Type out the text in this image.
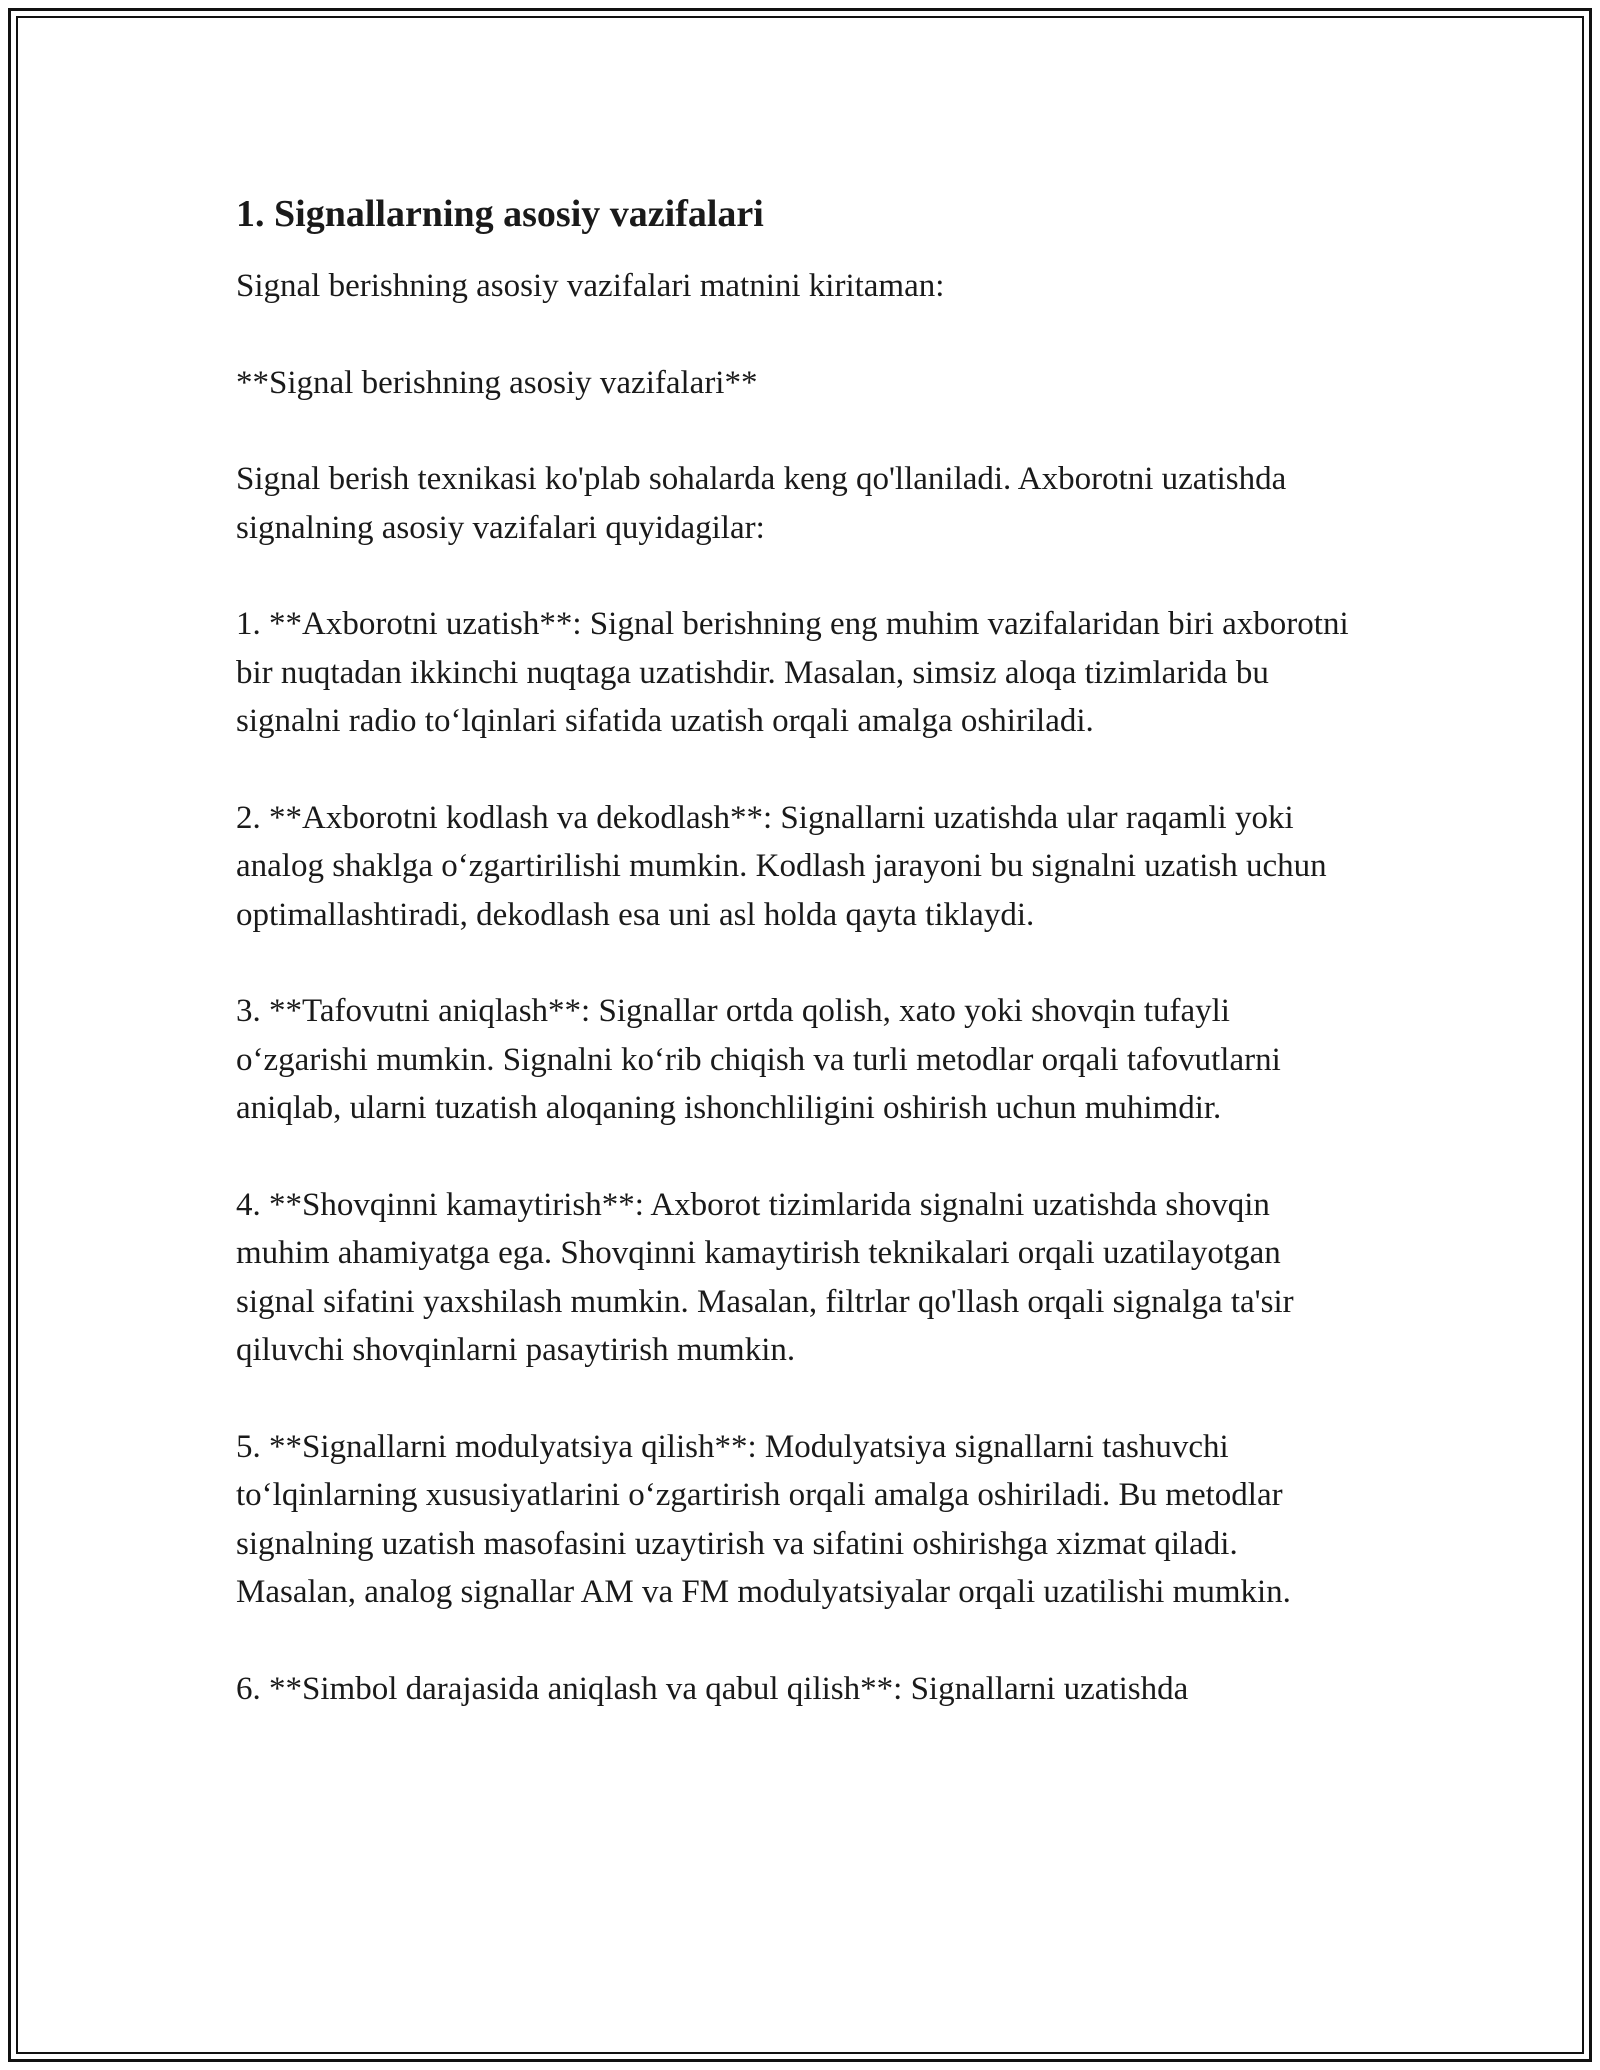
1. Signallarning asosiy vazifalari

Signal berishning asosiy vazifalari matnini kiritaman:

**Signal berishning asosiy vazifalari**

Signal berish texnikasi ko'plab sohalarda keng qo'llaniladi. Axborotni uzatishda signalning asosiy vazifalari quyidagilar:

1. **Axborotni uzatish**: Signal berishning eng muhim vazifalaridan biri axborotni bir nuqtadan ikkinchi nuqtaga uzatishdir. Masalan, simsiz aloqa tizimlarida bu signalni radio to‘lqinlari sifatida uzatish orqali amalga oshiriladi.

2. **Axborotni kodlash va dekodlash**: Signallarni uzatishda ular raqamli yoki analog shaklga o‘zgartirilishi mumkin. Kodlash jarayoni bu signalni uzatish uchun optimallashtiradi, dekodlash esa uni asl holda qayta tiklaydi.

3. **Tafovutni aniqlash**: Signallar ortda qolish, xato yoki shovqin tufayli o‘zgarishi mumkin. Signalni ko‘rib chiqish va turli metodlar orqali tafovutlarni aniqlab, ularni tuzatish aloqaning ishonchliligini oshirish uchun muhimdir.

4. **Shovqinni kamaytirish**: Axborot tizimlarida signalni uzatishda shovqin muhim ahamiyatga ega. Shovqinni kamaytirish teknikalari orqali uzatilayotgan signal sifatini yaxshilash mumkin. Masalan, filtrlar qo'llash orqali signalga ta'sir qiluvchi shovqinlarni pasaytirish mumkin.

5. **Signallarni modulyatsiya qilish**: Modulyatsiya signallarni tashuvchi to‘lqinlarning xususiyatlarini o‘zgartirish orqali amalga oshiriladi. Bu metodlar signalning uzatish masofasini uzaytirish va sifatini oshirishga xizmat qiladi. Masalan, analog signallar AM va FM modulyatsiyalar orqali uzatilishi mumkin.

6. **Simbol darajasida aniqlash va qabul qilish**: Signallarni uzatishda
